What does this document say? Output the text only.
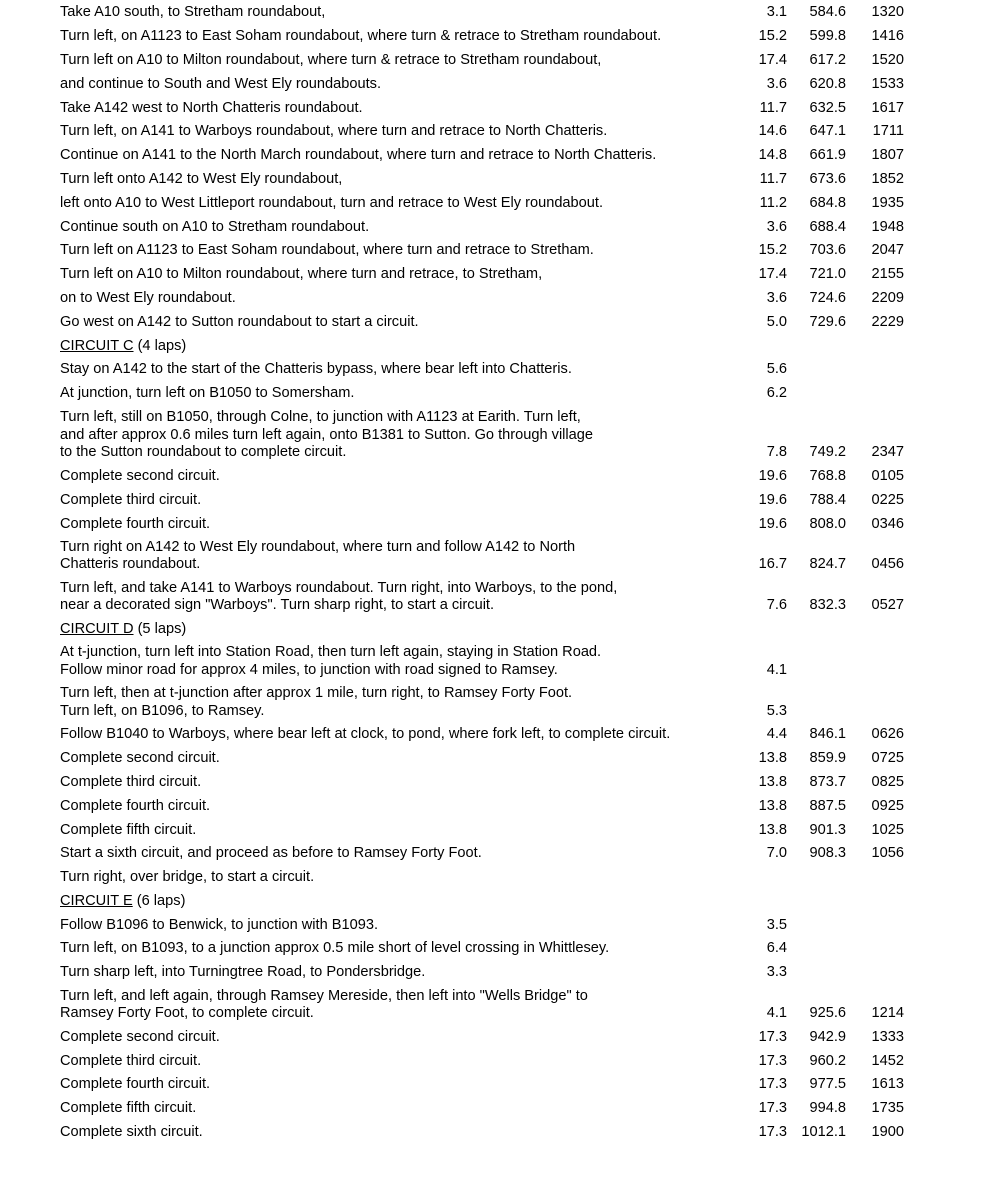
Take A10 south, to Stretham roundabout,	3.1 584.6 1320
Turn left, on A1123 to East Soham roundabout, where turn & retrace to Stretham roundabout.	15.2 599.8 1416
Turn left on A10 to Milton roundabout, where turn & retrace to Stretham roundabout,	17.4 617.2 1520
and continue to South and West Ely roundabouts.	3.6 620.8 1533
Take A142 west to North Chatteris roundabout.	11.7 632.5 1617
Turn left, on A141 to Warboys roundabout, where turn and retrace to North Chatteris.	14.6 647.1 1711
Continue on A141 to the North March roundabout, where turn and retrace to North Chatteris.	14.8 661.9 1807
Turn left onto A142 to West Ely roundabout,	11.7 673.6 1852
left onto A10 to West Littleport roundabout, turn and retrace to West Ely roundabout.	11.2 684.8 1935
Continue south on A10 to Stretham roundabout.	3.6 688.4 1948
Turn left on A1123 to East Soham roundabout, where turn and retrace to Stretham.	15.2 703.6 2047
Turn left on A10 to Milton roundabout, where turn and retrace, to Stretham,	17.4 721.0 2155
on to West Ely roundabout.	3.6 724.6 2209
Go west on A142 to Sutton roundabout to start a circuit.	5.0 729.6 2229
CIRCUIT C (4 laps)
Stay on A142 to the start of the Chatteris bypass, where bear left into Chatteris.	5.6
At junction, turn left on B1050 to Somersham.	6.2
Turn left, still on B1050, through Colne, to junction with A1123 at Earith. Turn left,
and after approx 0.6 miles turn left again, onto B1381 to Sutton. Go through village
to the Sutton roundabout to complete circuit.	7.8 749.2 2347
Complete second circuit.	19.6 768.8 0105
Complete third circuit.	19.6 788.4 0225
Complete fourth circuit.	19.6 808.0 0346
Turn right on A142 to West Ely roundabout, where turn and follow A142 to North
Chatteris roundabout.	16.7 824.7 0456
Turn left, and take A141 to Warboys roundabout. Turn right, into Warboys, to the pond,
near a decorated sign "Warboys". Turn sharp right, to start a circuit.	7.6 832.3 0527
CIRCUIT D (5 laps)
At t-junction, turn left into Station Road, then turn left again, staying in Station Road.
Follow minor road for approx 4 miles, to junction with road signed to Ramsey.	4.1
Turn left, then at t-junction after approx 1 mile, turn right, to Ramsey Forty Foot.
Turn left, on B1096, to Ramsey.	5.3
Follow B1040 to Warboys, where bear left at clock, to pond, where fork left, to complete circuit.	4.4 846.1 0626
Complete second circuit.	13.8 859.9 0725
Complete third circuit.	13.8 873.7 0825
Complete fourth circuit.	13.8 887.5 0925
Complete fifth circuit.	13.8 901.3 1025
Start a sixth circuit, and proceed as before to Ramsey Forty Foot.	7.0 908.3 1056
Turn right, over bridge, to start a circuit.
CIRCUIT E (6 laps)
Follow B1096 to Benwick, to junction with B1093.	3.5
Turn left, on B1093, to a junction approx 0.5 mile short of level crossing in Whittlesey.	6.4
Turn sharp left, into Turningtree Road, to Pondersbridge.	3.3
Turn left, and left again, through Ramsey Mereside, then left into "Wells Bridge" to
Ramsey Forty Foot, to complete circuit.	4.1 925.6 1214
Complete second circuit.	17.3 942.9 1333
Complete third circuit.	17.3 960.2 1452
Complete fourth circuit.	17.3 977.5 1613
Complete fifth circuit.	17.3 994.8 1735
Complete sixth circuit.	17.3 1012.1 1900
